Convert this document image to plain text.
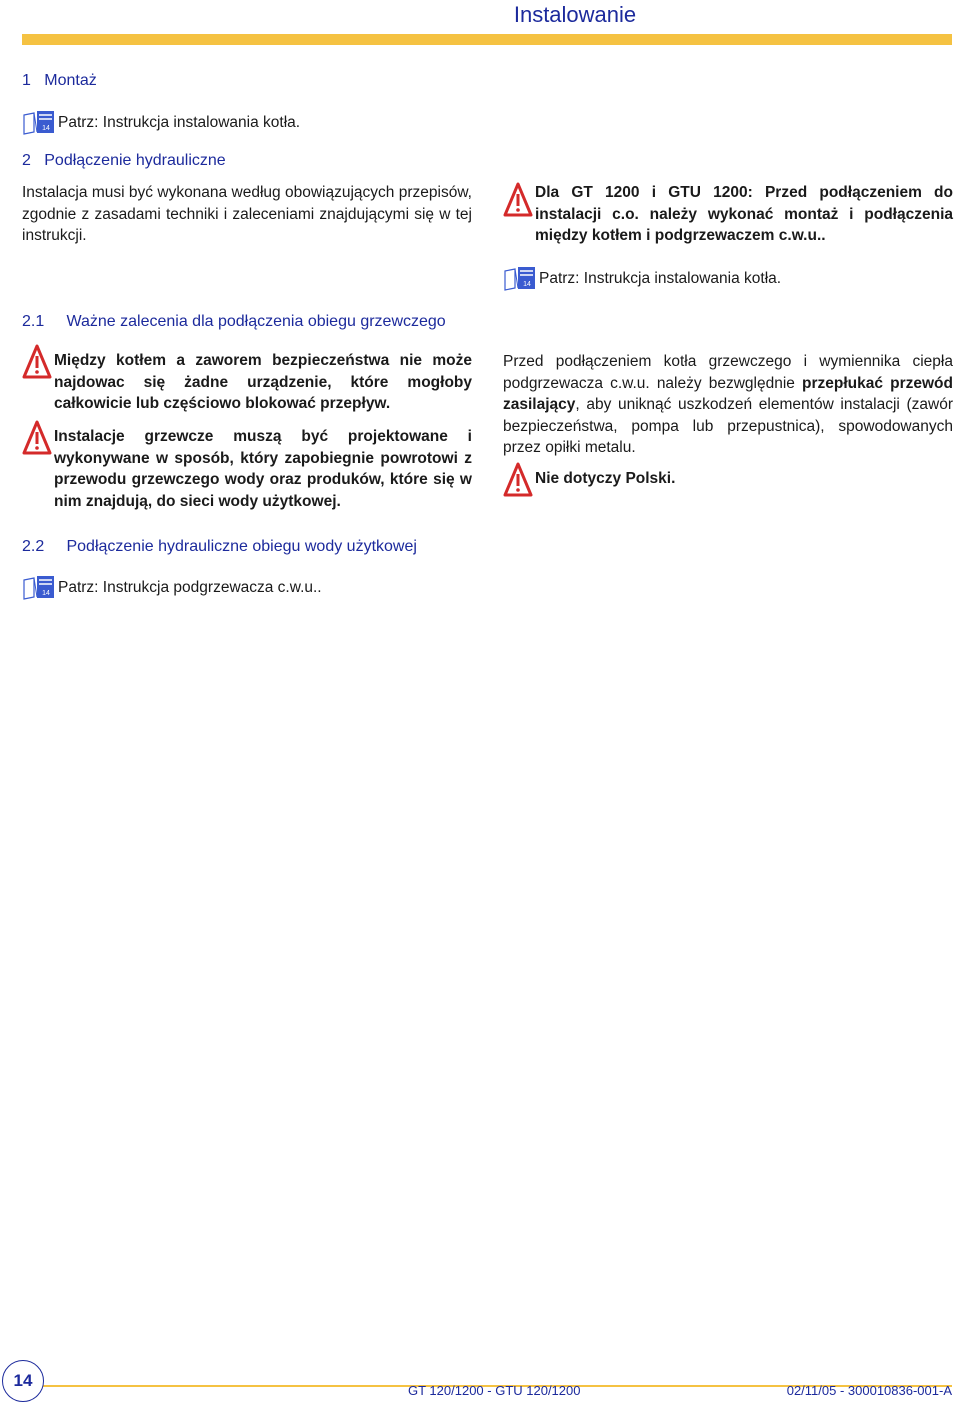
Instalowanie
1 Montaż
14 Patrz: Instrukcja instalowania kotła.
2 Podłączenie hydrauliczne
Instalacja musi być wykonana według obowiązujących przepisów, zgodnie z zasadami techniki i zaleceniami znajdującymi się w tej instrukcji.
Dla GT 1200 i GTU 1200: Przed podłączeniem do instalacji c.o. należy wykonać montaż i podłączenia między kotłem i podgrzewaczem c.w.u..
14 Patrz: Instrukcja instalowania kotła.
2.1 Ważne zalecenia dla podłączenia obiegu grzewczego
Między kotłem a zaworem bezpieczeństwa nie może najdowac się żadne urządzenie, które mogłoby całkowicie lub częściowo blokować przepływ.
Instalacje grzewcze muszą być projektowane i wykonywane w sposób, który zapobiegnie powrotowi z przewodu grzewczego wody oraz produków, które się w nim znajdują, do sieci wody użytkowej.
Przed podłączeniem kotła grzewczego i wymiennika ciepła podgrzewacza c.w.u. należy bezwględnie przepłukać przewód zasilający, aby uniknąć uszkodzeń elementów instalacji (zawór bezpieczeństwa, pompa lub przepustnica), spowodowanych przez opiłki metalu.
Nie dotyczy Polski.
2.2 Podłączenie hydrauliczne obiegu wody użytkowej
14 Patrz: Instrukcja podgrzewacza c.w.u..
14
GT 120/1200 - GTU 120/1200	02/11/05 - 300010836-001-A
